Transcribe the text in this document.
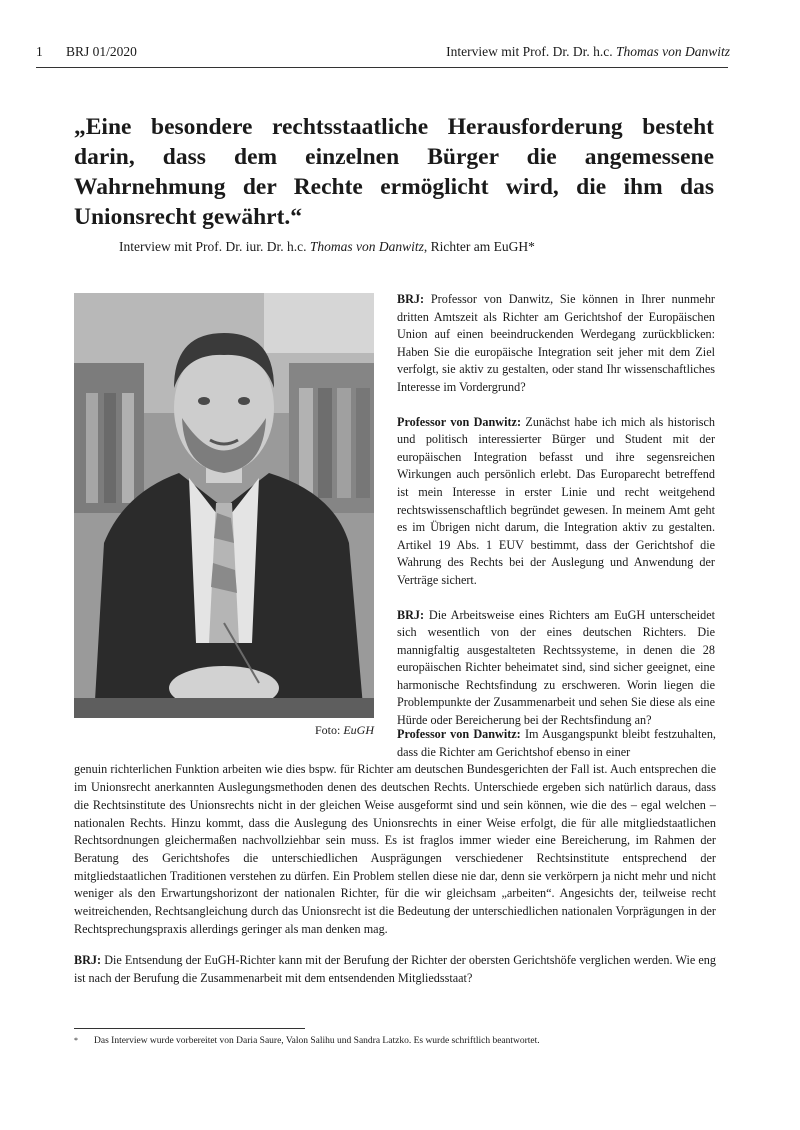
1 BRJ 01/2020	Interview mit Prof. Dr. Dr. h.c. Thomas von Danwitz
„Eine besondere rechtsstaatliche Herausforderung besteht darin, dass dem einzelnen Bürger die angemessene Wahrnehmung der Rechte ermöglicht wird, die ihm das Unionsrecht gewährt.“
Interview mit Prof. Dr. iur. Dr. h.c. Thomas von Danwitz, Richter am EuGH*
Foto: EuGH

BRJ: Professor von Danwitz, Sie können in Ihrer nunmehr dritten Amtszeit als Richter am Gerichtshof der Europäischen Union auf einen beeindruckenden Werdegang zurückblicken: Haben Sie die europäische Integration seit jeher mit dem Ziel verfolgt, sie aktiv zu gestalten, oder stand Ihr wissenschaftliches Interesse im Vordergrund?

Professor von Danwitz: Zunächst habe ich mich als historisch und politisch interessierter Bürger und Student mit der europäischen Integration befasst und ihre segensreichen Wirkungen auch persönlich erlebt. Das Europarecht betreffend ist mein Interesse in erster Linie und recht weitgehend rechtswissenschaftlich begründet gewesen. In meinem Amt geht es im Übrigen nicht darum, die Integration aktiv zu gestalten. Artikel 19 Abs. 1 EUV bestimmt, dass der Gerichtshof die Wahrung des Rechts bei der Auslegung und Anwendung der Verträge sichert.

BRJ: Die Arbeitsweise eines Richters am EuGH unterscheidet sich wesentlich von der eines deutschen Richters. Die mannigfaltig ausgestalteten Rechtssysteme, in denen die 28 europäischen Richter beheimatet sind, sind sicher geeignet, eine harmonische Rechtsfindung zu erschweren. Worin liegen die Problempunkte der Zusammenarbeit und sehen Sie diese als eine Hürde oder Bereicherung bei der Rechtsfindung an?

Professor von Danwitz: Im Ausgangspunkt bleibt festzuhalten, dass die Richter am Gerichtshof ebenso in einer

genuin richterlichen Funktion arbeiten wie dies bspw. für Richter am deutschen Bundesgerichten der Fall ist. Auch entsprechen die im Unionsrecht anerkannten Auslegungsmethoden denen des deutschen Rechts. Unterschiede ergeben sich natürlich daraus, dass die Rechtsinstitute des Unionsrechts nicht in der gleichen Weise ausgeformt sind und sein können, wie die des – egal welchen – nationalen Rechts. Hinzu kommt, dass die Auslegung des Unionsrechts in einer Weise erfolgt, die für alle mitgliedstaatlichen Rechtsordnungen gleichermaßen nachvollziehbar sein muss. Es ist fraglos immer wieder eine Bereicherung, im Rahmen der Beratung des Gerichtshofes die unterschiedlichen Ausprägungen verschiedener Rechtsinstitute entsprechend der mitgliedstaatlichen Traditionen verstehen zu dürfen. Ein Problem stellen diese nie dar, denn sie verkörpern ja nicht mehr und nicht weniger als den Erwartungshorizont der nationalen Richter, für die wir gleichsam „arbeiten“. Angesichts der, teilweise recht weitreichenden, Rechtsangleichung durch das Unionsrecht ist die Bedeutung der unterschiedlichen nationalen Vorprägungen in der Rechtsprechungspraxis allerdings geringer als man denken mag.

BRJ: Die Entsendung der EuGH-Richter kann mit der Berufung der Richter der obersten Gerichtshöfe verglichen werden. Wie eng ist nach der Berufung die Zusammenarbeit mit dem entsendenden Mitgliedsstaat?

* Das Interview wurde vorbereitet von Daria Saure, Valon Salihu und Sandra Latzko. Es wurde schriftlich beantwortet.
